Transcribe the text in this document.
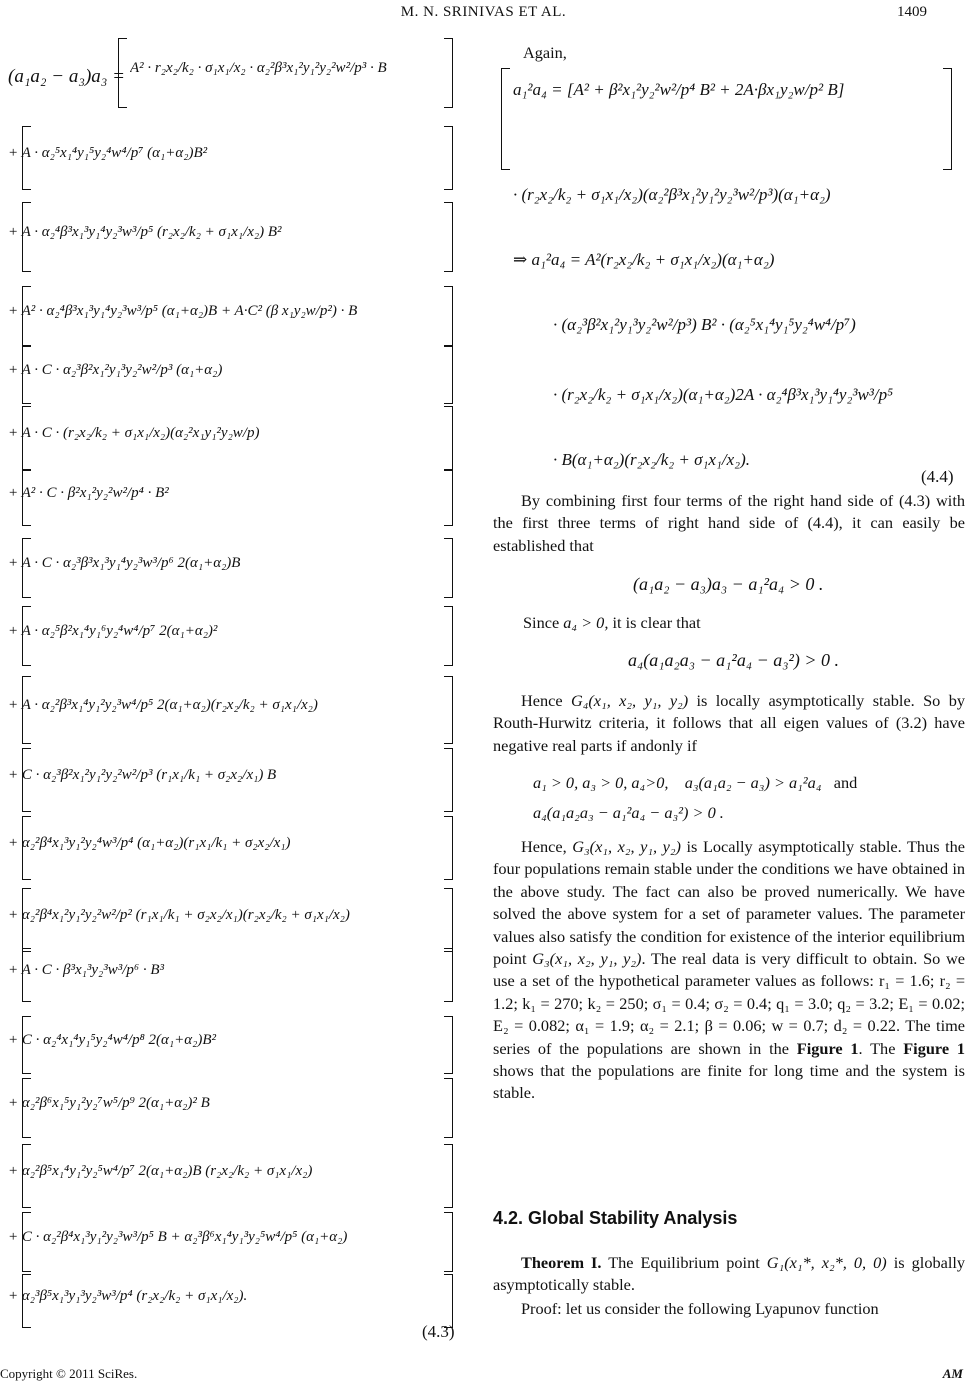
M. N. SRINIVAS ET AL.	1409
(a₁a₂ − a₃)a₃ = A² · r₂x₂/k₂ · σ₁x₁/x₂ · α₂²β³x₁²y₁²y₂²w²/p³ · B
+ A · α₂⁵x₁⁴y₁⁵y₂⁴w⁴/p⁷ (α₁+α₂)B²
+ A · α₂⁴β³x₁³y₁⁴y₂³w³/p⁵ (r₂x₂/k₂ + σ₁x₁/x₂) B²
+ A² · α₂⁴β³x₁³y₁⁴y₂³w³/p⁵ (α₁+α₂)B + A·C² (β x₁y₂w/p²) · B
+ A · C · α₂³β²x₁²y₁³y₂²w²/p³ (α₁+α₂)
+ A · C · (r₂x₂/k₂ + σ₁x₁/x₂)(α₂²x₁y₁²y₂w/p)
+ A² · C · β²x₁²y₂²w²/p⁴ · B²
+ A · C · α₂³β³x₁³y₁⁴y₂³w³/p⁶ 2(α₁+α₂)B
+ A · α₂⁵β²x₁⁴y₁⁶y₂⁴w⁴/p⁷ 2(α₁+α₂)²
+ A · α₂²β³x₁⁴y₁²y₂³w⁴/p⁵ 2(α₁+α₂)(r₂x₂/k₂ + σ₁x₁/x₂)
+ C · α₂³β²x₁²y₁²y₂²w²/p³ (r₁x₁/k₁ + σ₂x₂/x₁) B
+ α₂²β⁴x₁³y₁²y₂⁴w³/p⁴ (α₁+α₂)(r₁x₁/k₁ + σ₂x₂/x₁)
+ α₂²β⁴x₁²y₁²y₂²w²/p² (r₁x₁/k₁ + σ₂x₂/x₁)(r₂x₂/k₂ + σ₁x₁/x₂)
+ A · C · β³x₁³y₂³w³/p⁶ · B³
+ C · α₂⁴x₁⁴y₁⁵y₂⁴w⁴/p⁸ 2(α₁+α₂)B²
+ α₂²β⁶x₁⁵y₁²y₂⁷w⁵/p⁹ 2(α₁+α₂)² B
+ α₂²β⁵x₁⁴y₁²y₂⁵w⁴/p⁷ 2(α₁+α₂)B (r₂x₂/k₂ + σ₁x₁/x₂)
+ C · α₂²β⁴x₁³y₁²y₂³w³/p⁵ B + α₂³β⁶x₁⁴y₁³y₂⁵w⁴/p⁵ (α₁+α₂)
+ α₂³β⁵x₁³y₁³y₂³w³/p⁴ (r₂x₂/k₂ + σ₁x₁/x₂).
(4.3)
Again,
a₁²a₄ = [A² + β²x₁²y₂²w²/p⁴ B² + 2A·βx₁y₂w/p² B]
· (r₂x₂/k₂ + σ₁x₁/x₂)(α₂²β³x₁²y₁²y₂³w²/p³)(α₁+α₂)
⇒ a₁²a₄ = A²(r₂x₂/k₂ + σ₁x₁/x₂)(α₁+α₂)
· (α₂³β²x₁²y₁³y₂²w²/p³) B² · (α₂⁵x₁⁴y₁⁵y₂⁴w⁴/p⁷)
· (r₂x₂/k₂ + σ₁x₁/x₂)(α₁+α₂)2A · α₂⁴β³x₁³y₁⁴y₂³w³/p⁵
· B(α₁+α₂)(r₂x₂/k₂ + σ₁x₁/x₂).
(4.4)
By combining first four terms of the right hand side of (4.3) with the first three terms of right hand side of (4.4), it can easily be established that
(a₁a₂ − a₃)a₃ − a₁²a₄ > 0 .
Since a₄ > 0, it is clear that
a₄(a₁a₂a₃ − a₁²a₄ − a₃²) > 0 .
Hence G₄(x₁, x₂, y₁, y₂) is locally asymptotically stable. So by Routh-Hurwitz criteria, it follows that all eigen values of (3.2) have negative real parts if andonly if
a₁ > 0, a₃ > 0, a₄>0, a₃(a₁a₂ − a₃) > a₁²a₄ and
a₄(a₁a₂a₃ − a₁²a₄ − a₃²) > 0 .
Hence, G₃(x₁, x₂, y₁, y₂) is Locally asymptotically stable. Thus the four populations remain stable under the conditions we have obtained in the above study. The fact can also be proved numerically. We have solved the above system for a set of parameter values. The parameter values also satisfy the condition for existence of the interior equilibrium point G₃(x₁, x₂, y₁, y₂). The real data is very difficult to obtain. So we use a set of the hypothetical parameter values as follows: r₁ = 1.6; r₂ = 1.2; k₁ = 270; k₂ = 250; σ₁ = 0.4; σ₂ = 0.4; q₁ = 3.0; q₂ = 3.2; E₁ = 0.02; E₂ = 0.082; α₁ = 1.9; α₂ = 2.1; β = 0.06; w = 0.7; d₂ = 0.22. The time series of the populations are shown in the Figure 1. The Figure 1 shows that the populations are finite for long time and the system is stable.
4.2. Global Stability Analysis
Theorem I. The Equilibrium point G₁(x₁*, x₂*, 0, 0) is globally asymptotically stable.
Proof: let us consider the following Lyapunov function
Copyright © 2011 SciRes.	AM
